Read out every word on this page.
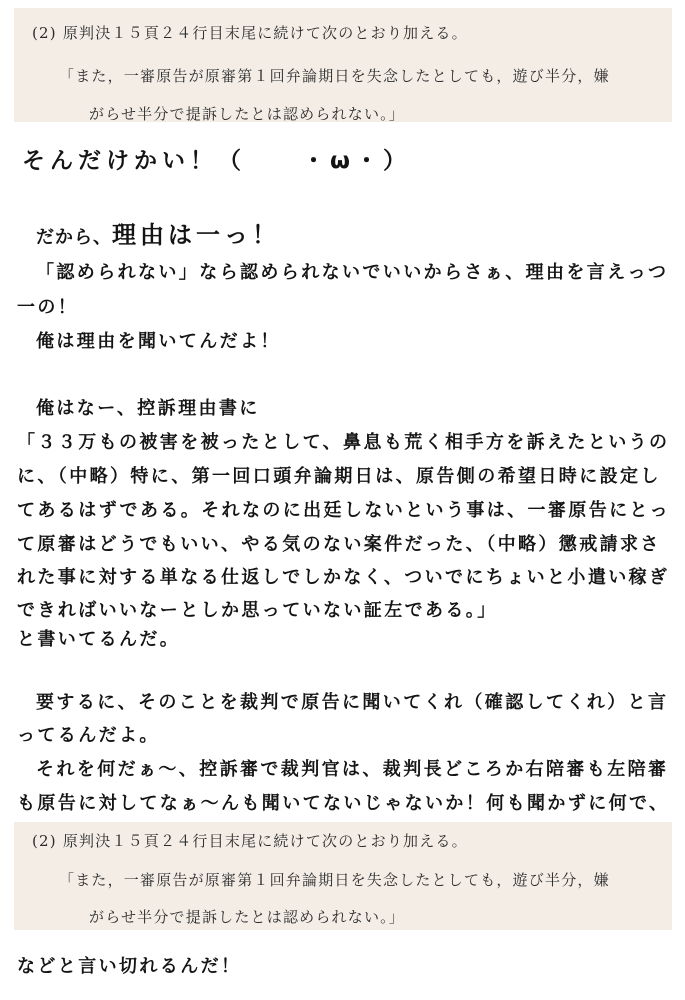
(2) 原判決１５頁２４行目末尾に続けて次のとおり加える。
「また，一審原告が原審第１回弁論期日を失念したとしても，遊び半分，嫌
がらせ半分で提訴したとは認められない。」
そんだけかい！（　　・ω・）
だから、理由は一っ！
「認められない」なら認められないでいいからさぁ、理由を言えっつ
一の！
俺は理由を聞いてんだよ！
俺はなー、控訴理由書に
「３３万もの被害を被ったとして、鼻息も荒く相手方を訴えたというの
に、（中略）特に、第一回口頭弁論期日は、原告側の希望日時に設定し
てあるはずである。それなのに出廷しないという事は、一審原告にとっ
て原審はどうでもいい、やる気のない案件だった、（中略）懲戒請求さ
れた事に対する単なる仕返しでしかなく、ついでにちょいと小遣い稼ぎ
できればいいなーとしか思っていない証左である。」
と書いてるんだ。
要するに、そのことを裁判で原告に聞いてくれ（確認してくれ）と言
ってるんだよ。
それを何だぁ～、控訴審で裁判官は、裁判長どころか右陪審も左陪審
も原告に対してなぁ～んも聞いてないじゃないか！何も聞かずに何で、
(2) 原判決１５頁２４行目末尾に続けて次のとおり加える。
「また，一審原告が原審第１回弁論期日を失念したとしても，遊び半分，嫌
がらせ半分で提訴したとは認められない。」
などと言い切れるんだ！
